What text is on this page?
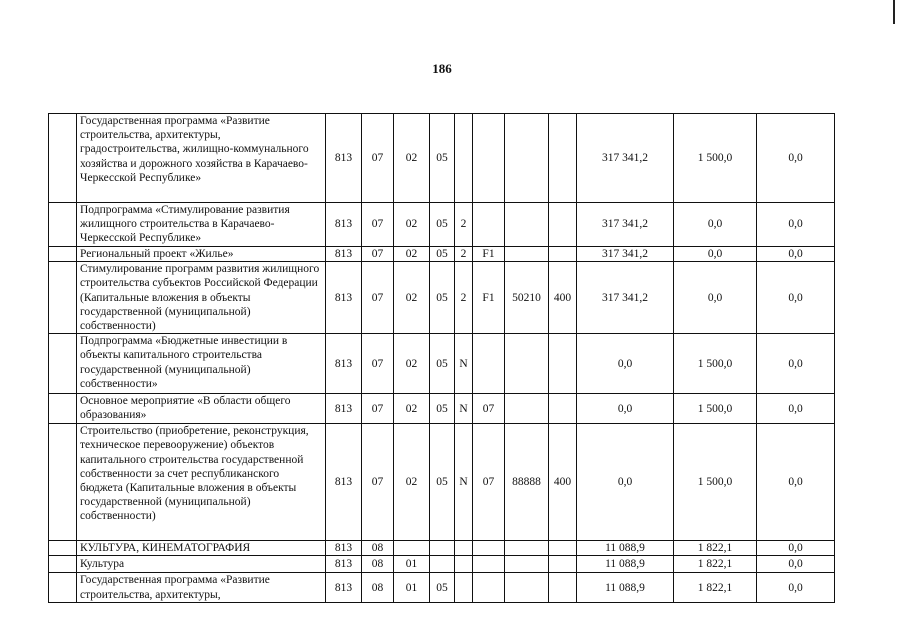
186
	Государственная программа «Развитие строительства, архитектуры, градостроительства, жилищно-коммунального хозяйства и дорожного хозяйства в Карачаево-Черкесской Республике»	813	07	02	05					317 341,2	1 500,0	0,0
	Подпрограмма «Стимулирование развития жилищного строительства в Карачаево-Черкесской Республике»	813	07	02	05	2				317 341,2	0,0	0,0
	Региональный проект «Жилье»	813	07	02	05	2	F1			317 341,2	0,0	0,0
	Стимулирование программ развития жилищного строительства субъектов Российской Федерации (Капитальные вложения в объекты государственной (муниципальной) собственности)	813	07	02	05	2	F1	50210	400	317 341,2	0,0	0,0
	Подпрограмма «Бюджетные инвестиции в объекты капитального строительства государственной (муниципальной) собственности»	813	07	02	05	N				0,0	1 500,0	0,0
	Основное мероприятие «В области общего образования»	813	07	02	05	N	07			0,0	1 500,0	0,0
	Строительство (приобретение, реконструкция, техническое перевооружение) объектов капитального строительства государственной собственности за счет республиканского бюджета (Капитальные вложения в объекты государственной (муниципальной) собственности)	813	07	02	05	N	07	88888	400	0,0	1 500,0	0,0
	КУЛЬТУРА, КИНЕМАТОГРАФИЯ	813	08							11 088,9	1 822,1	0,0
	Культура	813	08	01						11 088,9	1 822,1	0,0
	Государственная программа «Развитие строительства, архитектуры,	813	08	01	05					11 088,9	1 822,1	0,0
